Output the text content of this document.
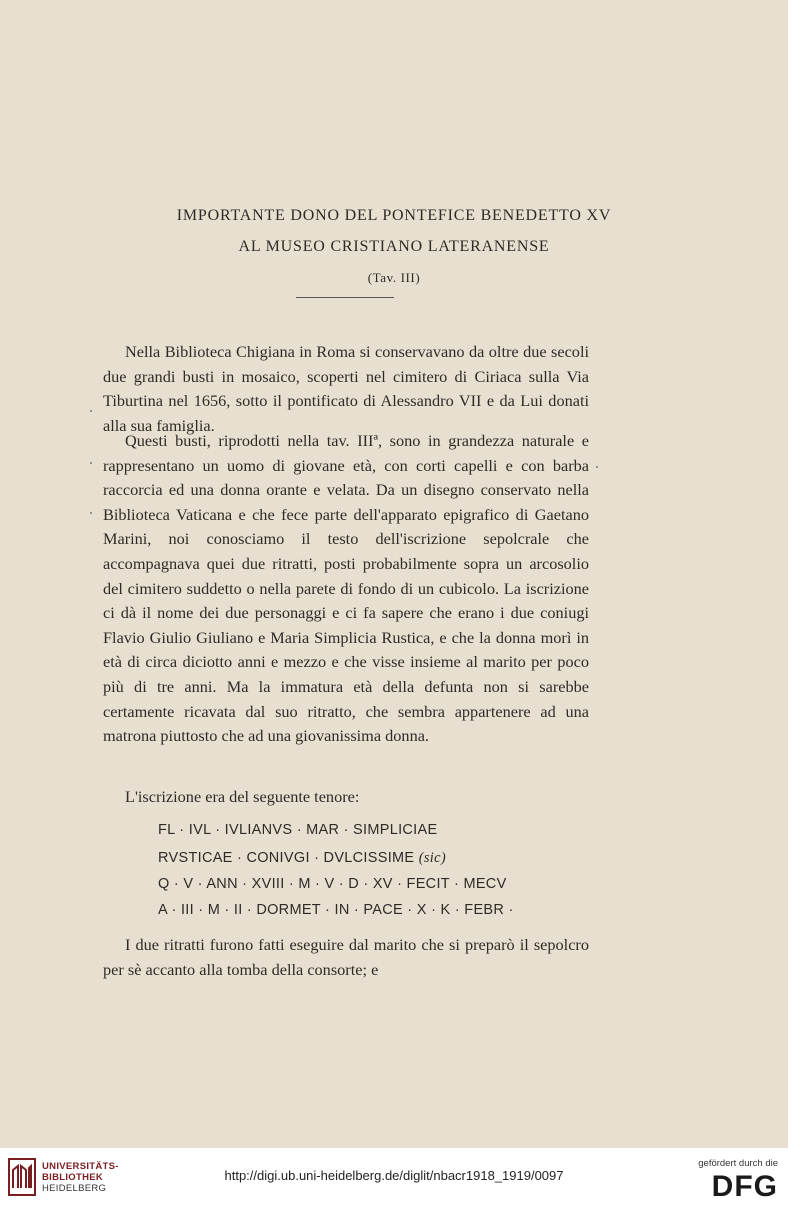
IMPORTANTE DONO DEL PONTEFICE BENEDETTO XV
AL MUSEO CRISTIANO LATERANENSE
(Tav. III)
Nella Biblioteca Chigiana in Roma si conservavano da oltre due secoli due grandi busti in mosaico, scoperti nel cimitero di Ciriaca sulla Via Tiburtina nel 1656, sotto il pontificato di Alessandro VII e da Lui donati alla sua famiglia.
Questi busti, riprodotti nella tav. IIIª, sono in grandezza naturale e rappresentano un uomo di giovane età, con corti capelli e con barba raccorcia ed una donna orante e velata. Da un disegno conservato nella Biblioteca Vaticana e che fece parte dell'apparato epigrafico di Gaetano Marini, noi conosciamo il testo dell'iscrizione sepolcrale che accompagnava quei due ritratti, posti probabilmente sopra un arcosolio del cimitero suddetto o nella parete di fondo di un cubicolo. La iscrizione ci dà il nome dei due personaggi e ci fa sapere che erano i due coniugi Flavio Giulio Giuliano e Maria Simplicia Rustica, e che la donna morì in età di circa diciotto anni e mezzo e che visse insieme al marito per poco più di tre anni. Ma la immatura età della defunta non si sarebbe certamente ricavata dal suo ritratto, che sembra appartenere ad una matrona piuttosto che ad una giovanissima donna.
L'iscrizione era del seguente tenore:
FL · IVL · IVLIANVS · MAR · SIMPLICIAE
RVSTICAE · CONIVGI · DVLCISSIME (sic)
Q · V · ANN · XVIII · M · V · D · XV · FECIT · MECV
A · III · M · II · DORMET · IN · PACE · X · K · FEBR ·
I due ritratti furono fatti eseguire dal marito che si preparò il sepolcro per sè accanto alla tomba della consorte; e
UNIVERSITÄTS-
BIBLIOTHEK
HEIDELBERG
http://digi.ub.uni-heidelberg.de/diglit/nbacr1918_1919/0097
gefördert durch die
DFG
